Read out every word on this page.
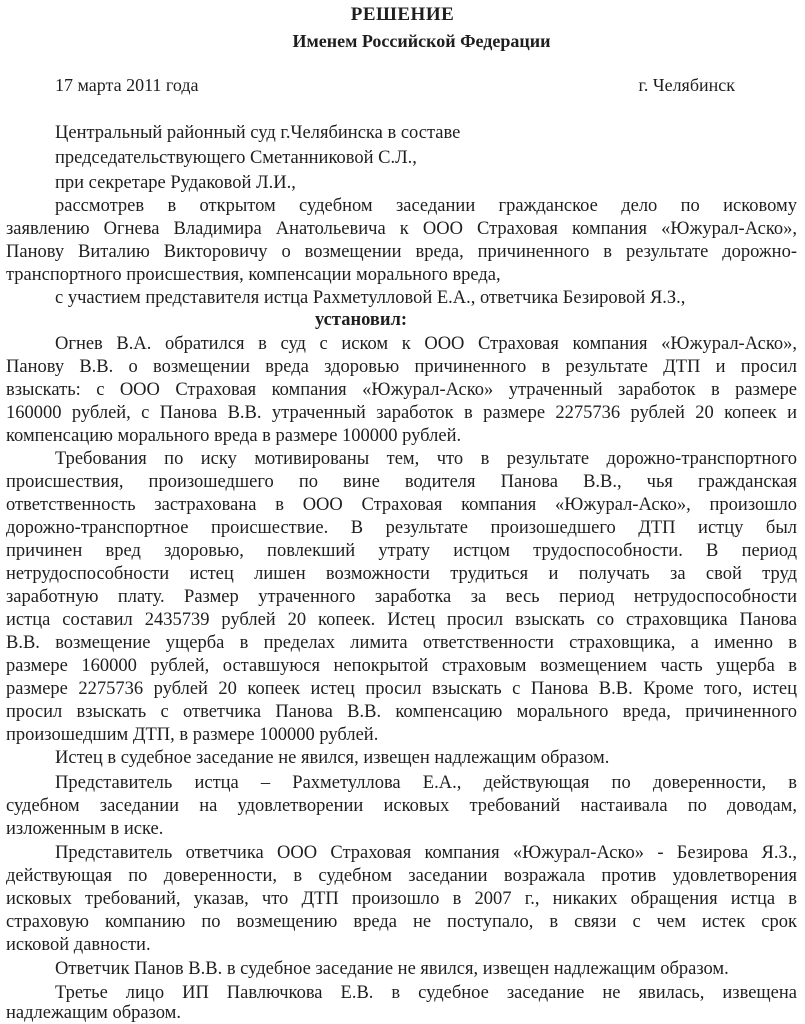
РЕШЕНИЕ
Именем Российской Федерации
17 марта 2011 года	г. Челябинск
Центральный районный суд г.Челябинска в составе
председательствующего Сметанниковой С.Л.,
при секретаре Рудаковой Л.И.,
рассмотрев в открытом судебном заседании гражданское дело по исковому
заявлению Огнева Владимира Анатольевича к ООО Страховая компания «Южурал-Аско»,
Панову Виталию Викторовичу о возмещении вреда, причиненного в результате дорожно-
транспортного происшествия, компенсации морального вреда,
с участием представителя истца Рахметулловой Е.А., ответчика Безировой Я.З.,
установил:
Огнев В.А. обратился в суд с иском к ООО Страховая компания «Южурал-Аско»,
Панову В.В. о возмещении вреда здоровью причиненного в результате ДТП и просил
взыскать: с ООО Страховая компания «Южурал-Аско» утраченный заработок в размере
160000 рублей, с Панова В.В. утраченный заработок в размере 2275736 рублей 20 копеек и
компенсацию морального вреда в размере 100000 рублей.
Требования по иску мотивированы тем, что в результате дорожно-транспортного
происшествия, произошедшего по вине водителя Панова В.В., чья гражданская
ответственность застрахована в ООО Страховая компания «Южурал-Аско», произошло
дорожно-транспортное происшествие. В результате произошедшего ДТП истцу был
причинен вред здоровью, повлекший утрату истцом трудоспособности. В период
нетрудоспособности истец лишен возможности трудиться и получать за свой труд
заработную плату. Размер утраченного заработка за весь период нетрудоспособности
истца составил 2435739 рублей 20 копеек. Истец просил взыскать со страховщика Панова
В.В. возмещение ущерба в пределах лимита ответственности страховщика, а именно в
размере 160000 рублей, оставшуюся непокрытой страховым возмещением часть ущерба в
размере 2275736 рублей 20 копеек истец просил взыскать с Панова В.В. Кроме того, истец
просил взыскать с ответчика Панова В.В. компенсацию морального вреда, причиненного
произошедшим ДТП, в размере 100000 рублей.
Истец в судебное заседание не явился, извещен надлежащим образом.
Представитель истца – Рахметуллова Е.А., действующая по доверенности, в
судебном заседании на удовлетворении исковых требований настаивала по доводам,
изложенным в иске.
Представитель ответчика ООО Страховая компания «Южурал-Аско» - Безирова Я.З.,
действующая по доверенности, в судебном заседании возражала против удовлетворения
исковых требований, указав, что ДТП произошло в 2007 г., никаких обращения истца в
страховую компанию по возмещению вреда не поступало, в связи с чем истек срок
исковой давности.
Ответчик Панов В.В. в судебное заседание не явился, извещен надлежащим образом.
Третье лицо ИП Павлючкова Е.В. в судебное заседание не явилась, извещена
надлежащим образом.
